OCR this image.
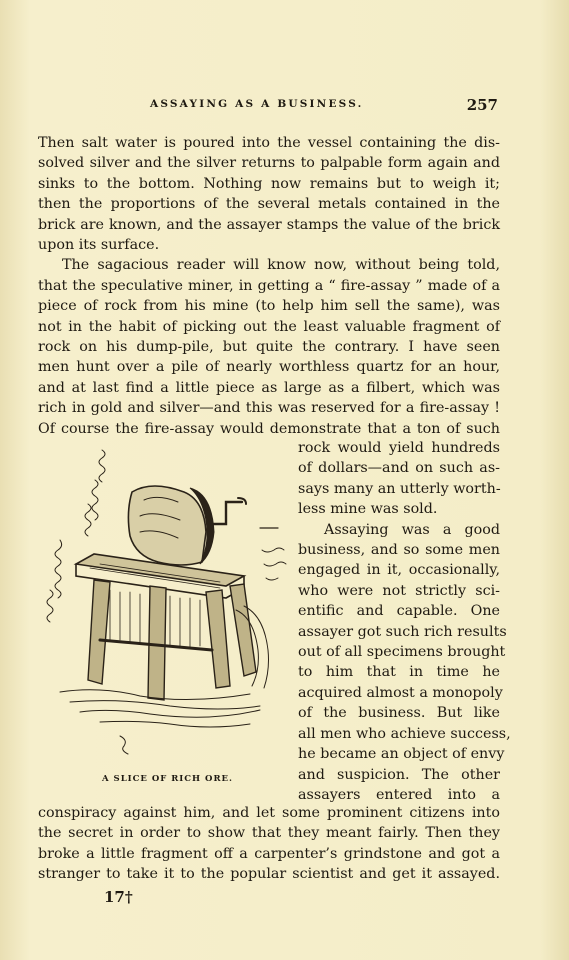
ASSAYING AS A BUSINESS.	257
Then salt water is poured into the vessel containing the dis-
solved silver and the silver returns to palpable form again and
sinks to the bottom. Nothing now remains but to weigh it;
then the proportions of the several metals contained in the
brick are known, and the assayer stamps the value of the brick
upon its surface.
The sagacious reader will know now, without being told,
that the speculative miner, in getting a “ fire-assay ” made of a
piece of rock from his mine (to help him sell the same), was
not in the habit of picking out the least valuable fragment of
rock on his dump-pile, but quite the contrary. I have seen
men hunt over a pile of nearly worthless quartz for an hour,
and at last find a little piece as large as a filbert, which was
rich in gold and silver—and this was reserved for a fire-assay !
Of course the fire-assay would demonstrate that a ton of such
rock would yield hundreds
of dollars—and on such as-
says many an utterly worth-
less mine was sold.
Assaying was a good
business, and so some men
engaged in it, occasionally,
who were not strictly sci-
entific and capable. One
assayer got such rich results
out of all specimens brought
to him that in time he
acquired almost a monopoly
of the business. But like
all men who achieve success,
he became an object of envy
and suspicion. The other
assayers entered into a
A SLICE OF RICH ORE.
conspiracy against him, and let some prominent citizens into
the secret in order to show that they meant fairly. Then they
broke a little fragment off a carpenter’s grindstone and got a
stranger to take it to the popular scientist and get it assayed.
17†
